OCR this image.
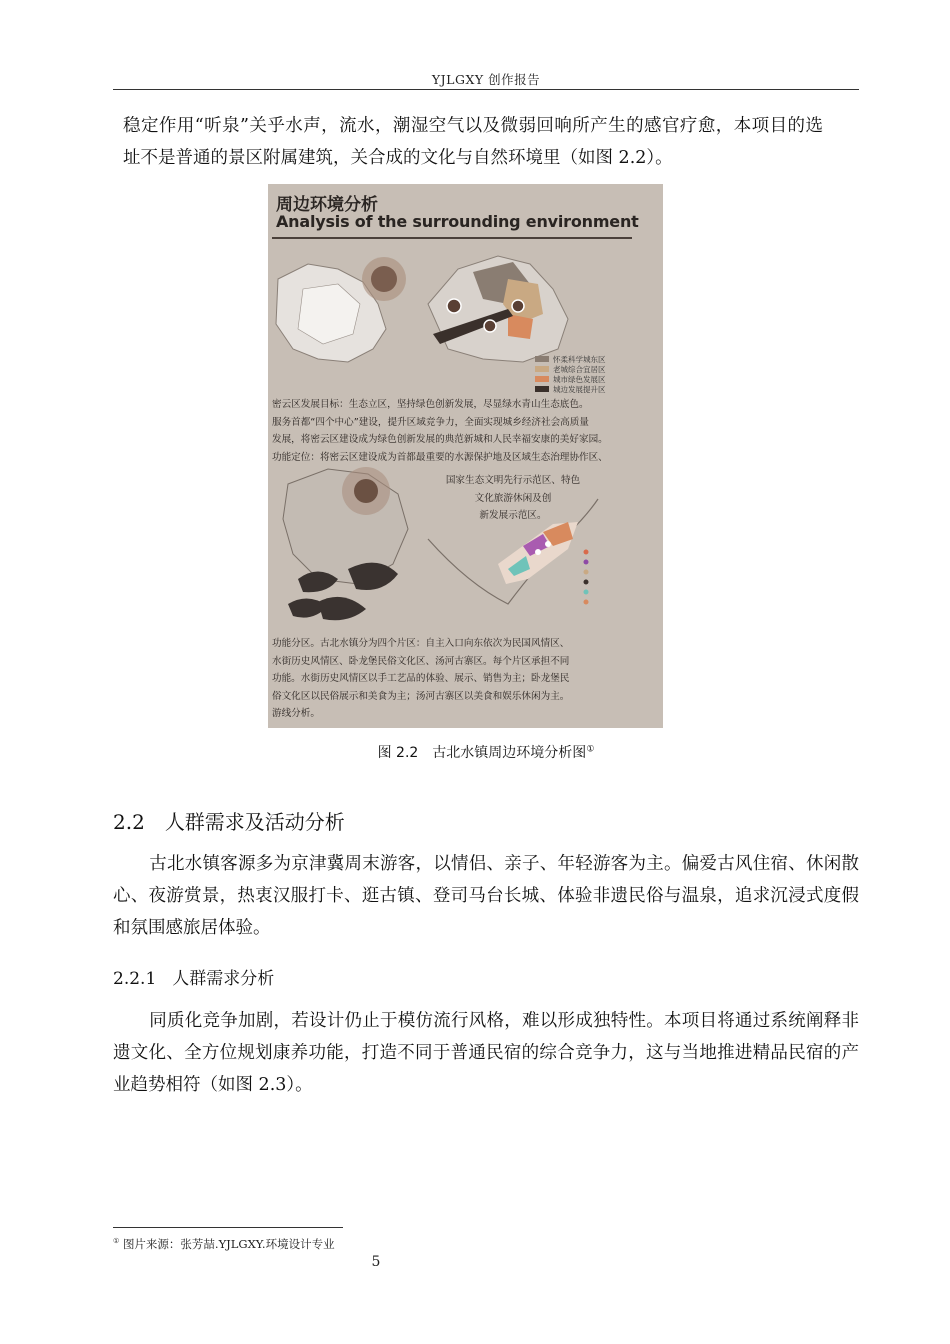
YJLGXY 创作报告

稳定作用“听泉”关乎水声，流水，潮湿空气以及微弱回响所产生的感官疗愈，本项目的选址不是普通的景区附属建筑，关合成的文化与自然环境里（如图 2.2）。

周边环境分析
Analysis of the surrounding environment
怀柔科学城东区
老城综合宜居区
城市绿色发展区
城边发展提升区
密云区发展目标：生态立区，坚持绿色创新发展，尽显绿水青山生态底色。
服务首都“四个中心”建设，提升区域竞争力，全面实现城乡经济社会高质量
发展，将密云区建设成为绿色创新发展的典范新城和人民幸福安康的美好家园。
功能定位：将密云区建设成为首都最重要的水源保护地及区域生态治理协作区、
国家生态文明先行示范区、特色
文化旅游休闲及创
新发展示范区。
功能分区。古北水镇分为四个片区：自主入口向东依次为民国风情区、
水街历史风情区、卧龙堡民俗文化区、汤河古寨区。每个片区承担不同
功能。水街历史风情区以手工艺品的体验、展示、销售为主；卧龙堡民
俗文化区以民俗展示和美食为主；汤河古寨区以美食和娱乐休闲为主。
游线分析。
图 2.2　古北水镇周边环境分析图①
2.2 人群需求及活动分析

古北水镇客源多为京津冀周末游客，以情侣、亲子、年轻游客为主。偏爱古风住宿、休闲散心、夜游赏景，热衷汉服打卡、逛古镇、登司马台长城、体验非遗民俗与温泉，追求沉浸式度假和氛围感旅居体验。

2.2.1 人群需求分析

同质化竞争加剧，若设计仍止于模仿流行风格，难以形成独特性。本项目将通过系统阐释非遗文化、全方位规划康养功能，打造不同于普通民宿的综合竞争力，这与当地推进精品民宿的产业趋势相符（如图 2.3）。

① 图片来源：张芳喆.YJLGXY.环境设计专业
5
